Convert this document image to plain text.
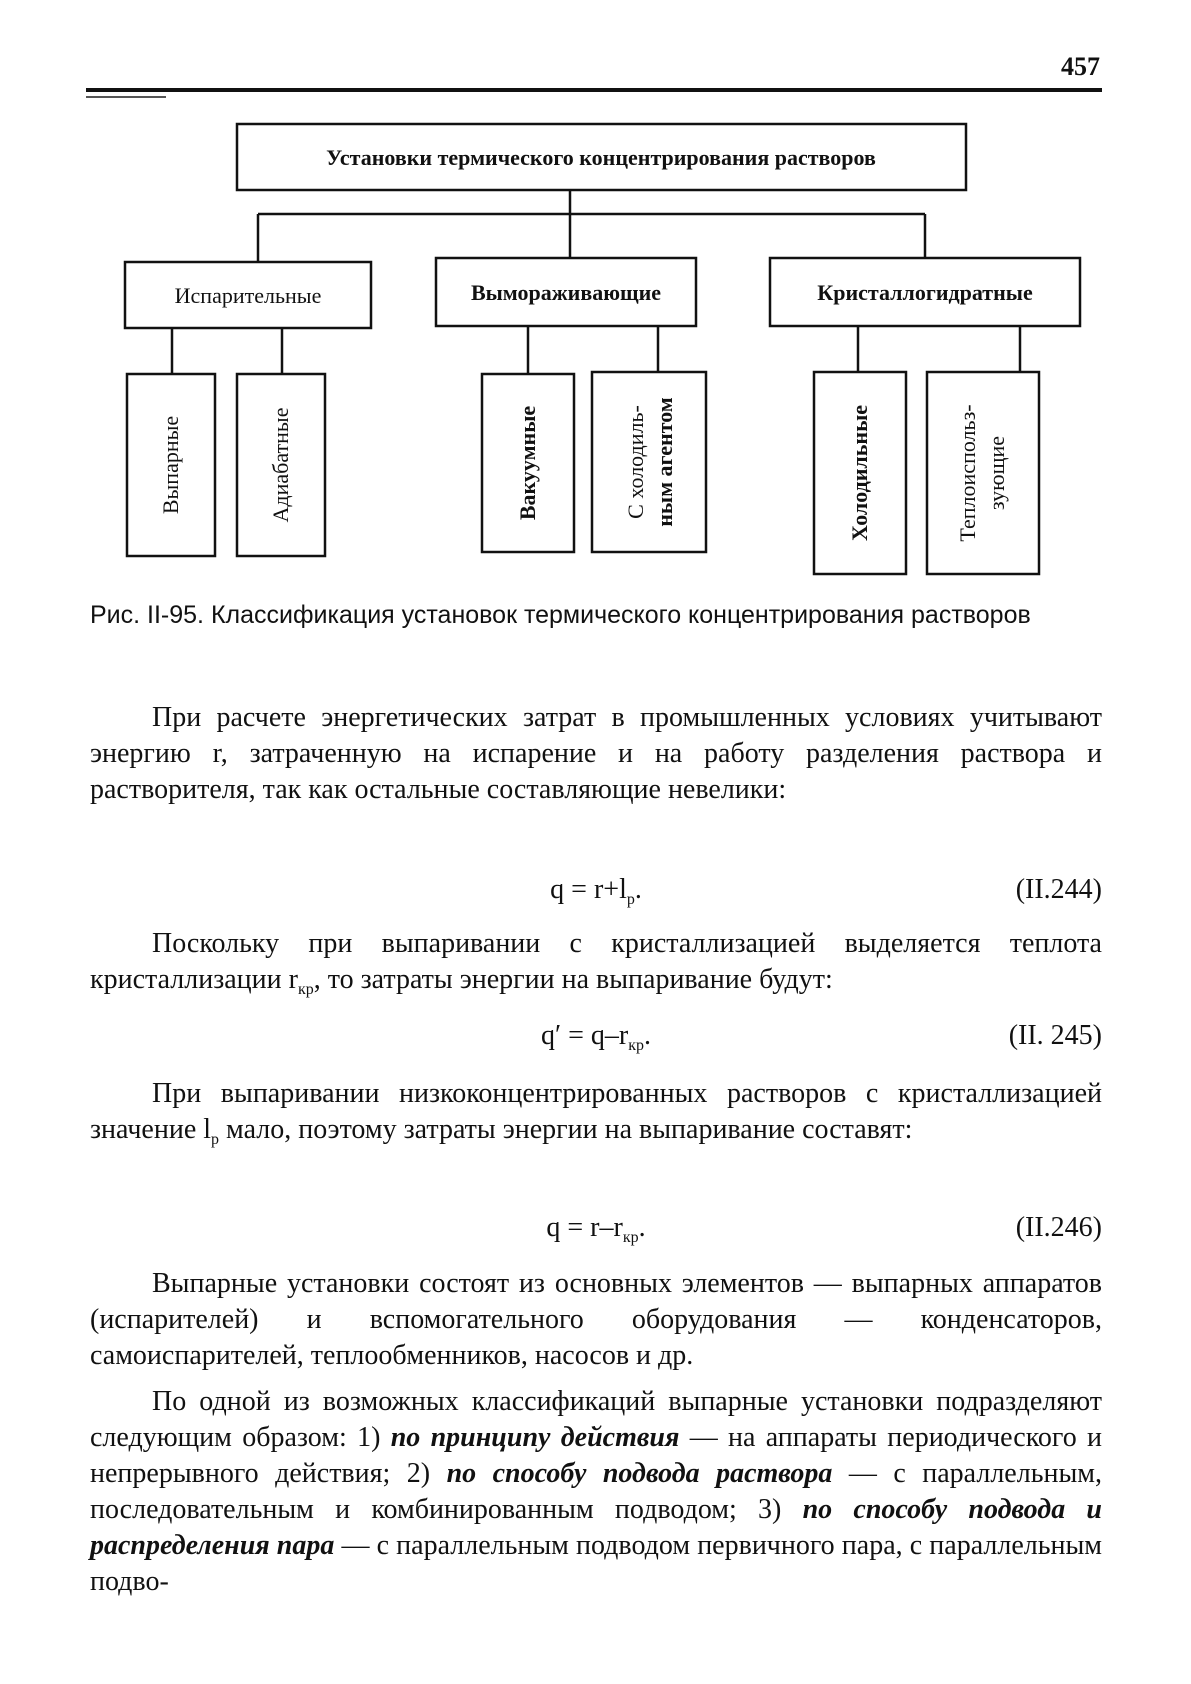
457
Установки термического концентрирования растворов
Испарительные	Вымораживающие	Кристаллогидратные
Выпарные	Адиабатные	Вакуумные	С холодиль- ным агентом	Холодильные	Теплоиспольз- зующие
Рис. II-95. Классификация установок термического концентрирования растворов

При расчете энергетических затрат в промышленных условиях учитывают энергию r, затраченную на испарение и на работу разделения раствора и растворителя, так как остальные составляющие невелики:

$q = r+l_р$.	(II.244)

Поскольку при выпаривании с кристаллизацией выделяется теплота кристаллизации $r_{кр}$, то затраты энергии на выпаривание будут:

$q' = q-r_{кр}$.	(II. 245)

При выпаривании низкоконцентрированных растворов с кристаллизацией значение $l_р$ мало, поэтому затраты энергии на выпаривание составят:

$q = r-r_{кр}$.	(II.246)

Выпарные установки состоят из основных элементов — выпарных аппаратов (испарителей) и вспомогательного оборудования — конденсаторов, самоиспарителей, теплообменников, насосов и др.

По одной из возможных классификаций выпарные установки подразделяют следующим образом: 1) по принципу действия — на аппараты периодического и непрерывного действия; 2) по способу подвода раствора — с параллельным, последовательным и комбинированным подводом; 3) по способу подвода и распределения пара — с параллельным подводом первичного пара, с параллельным подво-
